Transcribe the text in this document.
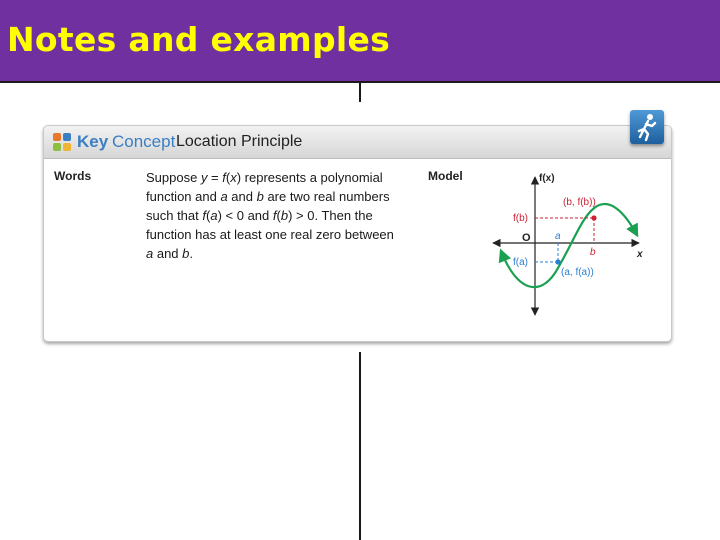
Notes and examples
Key Concept Location Principle
Words	Model
Suppose y = f(x) represents a polynomial
function and a and b are two real numbers
such that f(a) < 0 and f(b) > 0. Then the
function has at least one real zero between
a and b.
f(x)
x
O
(b, f(b))
f(b)
a
b
f(a)
(a, f(a))
